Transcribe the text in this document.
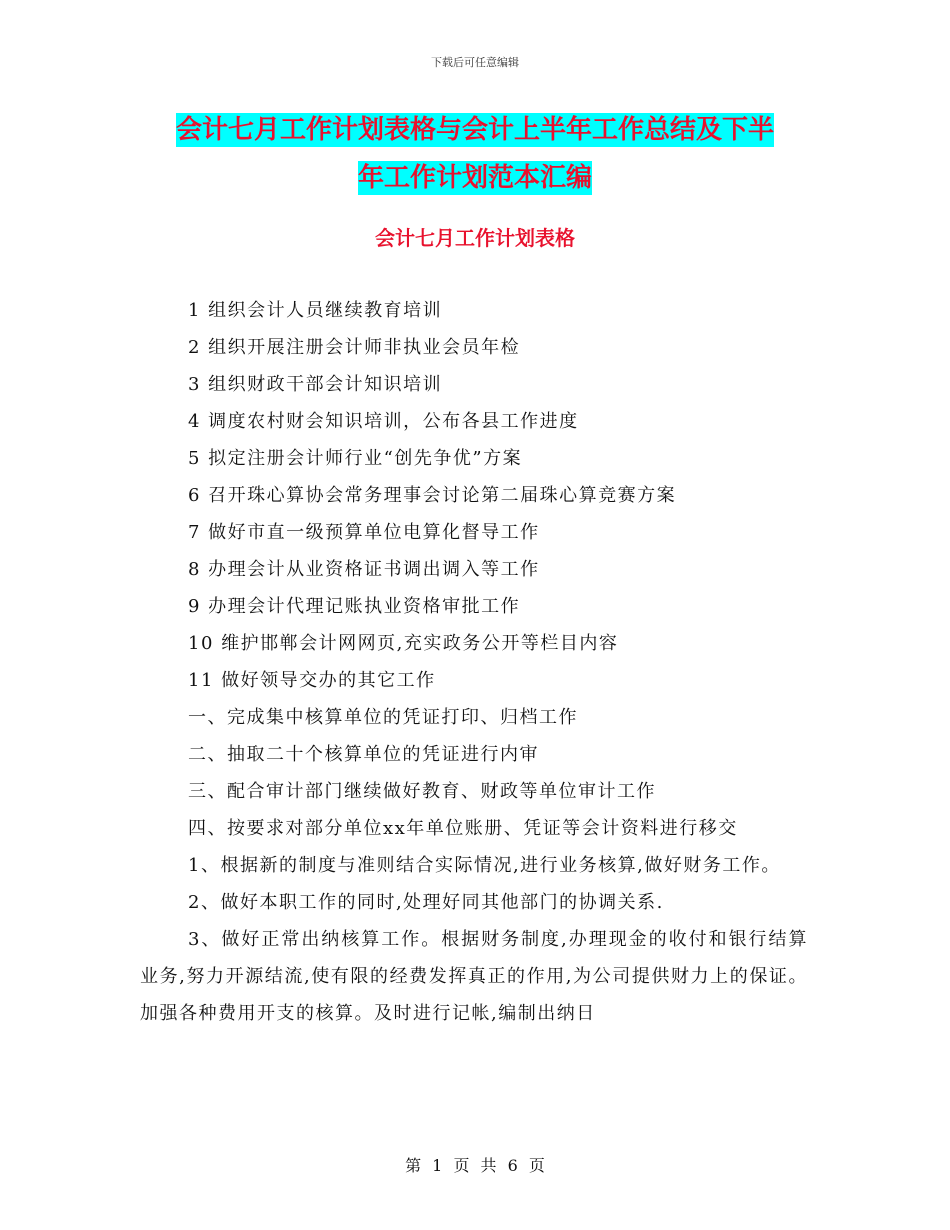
下载后可任意编辑
会计七月工作计划表格与会计上半年工作总结及下半
年工作计划范本汇编
会计七月工作计划表格
1 组织会计人员继续教育培训
2 组织开展注册会计师非执业会员年检
3 组织财政干部会计知识培训
4 调度农村财会知识培训，公布各县工作进度
5 拟定注册会计师行业“创先争优”方案
6 召开珠心算协会常务理事会讨论第二届珠心算竞赛方案
7 做好市直一级预算单位电算化督导工作
8 办理会计从业资格证书调出调入等工作
9 办理会计代理记账执业资格审批工作
10 维护邯郸会计网网页,充实政务公开等栏目内容
11 做好领导交办的其它工作
一、完成集中核算单位的凭证打印、归档工作
二、抽取二十个核算单位的凭证进行内审
三、配合审计部门继续做好教育、财政等单位审计工作
四、按要求对部分单位xx年单位账册、凭证等会计资料进行移交
1、根据新的制度与准则结合实际情况,进行业务核算,做好财务工作。
2、做好本职工作的同时,处理好同其他部门的协调关系.
3、做好正常出纳核算工作。根据财务制度,办理现金的收付和银行结算业务,努力开源结流,使有限的经费发挥真正的作用,为公司提供财力上的保证。加强各种费用开支的核算。及时进行记帐,编制出纳日
第 1 页 共 6 页
